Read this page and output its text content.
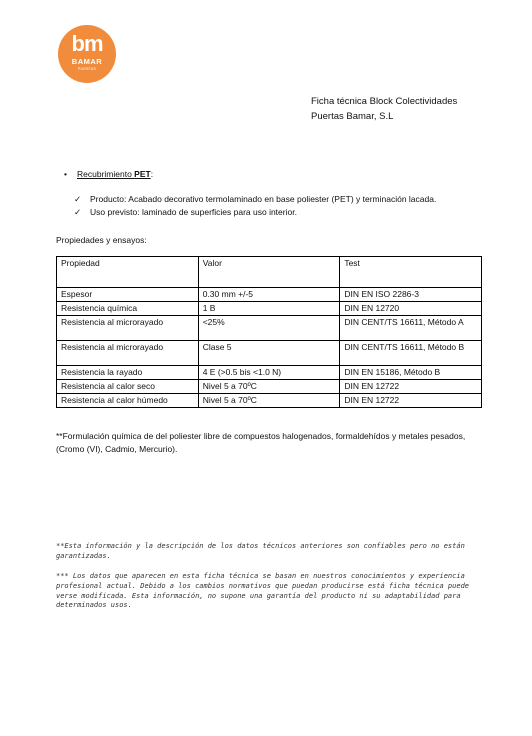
bm
BAMAR
PUERTAS
Ficha técnica Block Colectividades
Puertas Bamar, S.L
• Recubrimiento PET:
✓ Producto: Acabado decorativo termolaminado en base poliester (PET) y terminación lacada.
✓ Uso previsto: laminado de superficies para uso interior.
Propiedades y ensayos:
Propiedad	Valor	Test
Espesor	0.30 mm +/-5	DIN EN ISO 2286-3
Resistencia química	1 B	DIN EN 12720
Resistencia al microrayado	<25%	DIN CENT/TS 16611, Método A
Resistencia al microrayado	Clase 5	DIN CENT/TS 16611, Método B
Resistencia la rayado	4 E (>0.5 bis <1.0 N)	DIN EN 15186, Método B
Resistencia al calor seco	Nivel 5 a 70ºC	DIN EN 12722
Resistencia al calor húmedo	Nivel 5 a 70ºC	DIN EN 12722
**Formulación química de del poliester libre de compuestos halogenados, formaldehídos y metales pesados, (Cromo (VI), Cadmio, Mercurio).
**Esta información y la descripción de los datos técnicos anteriores son confiables pero no están garantizadas.
*** Los datos que aparecen en esta ficha técnica se basan en nuestros conocimientos y experiencia profesional actual. Debido a los cambios normativos que puedan producirse está ficha técnica puede verse modificada. Esta información, no supone una garantía del producto ni su adaptabilidad para determinados usos.
